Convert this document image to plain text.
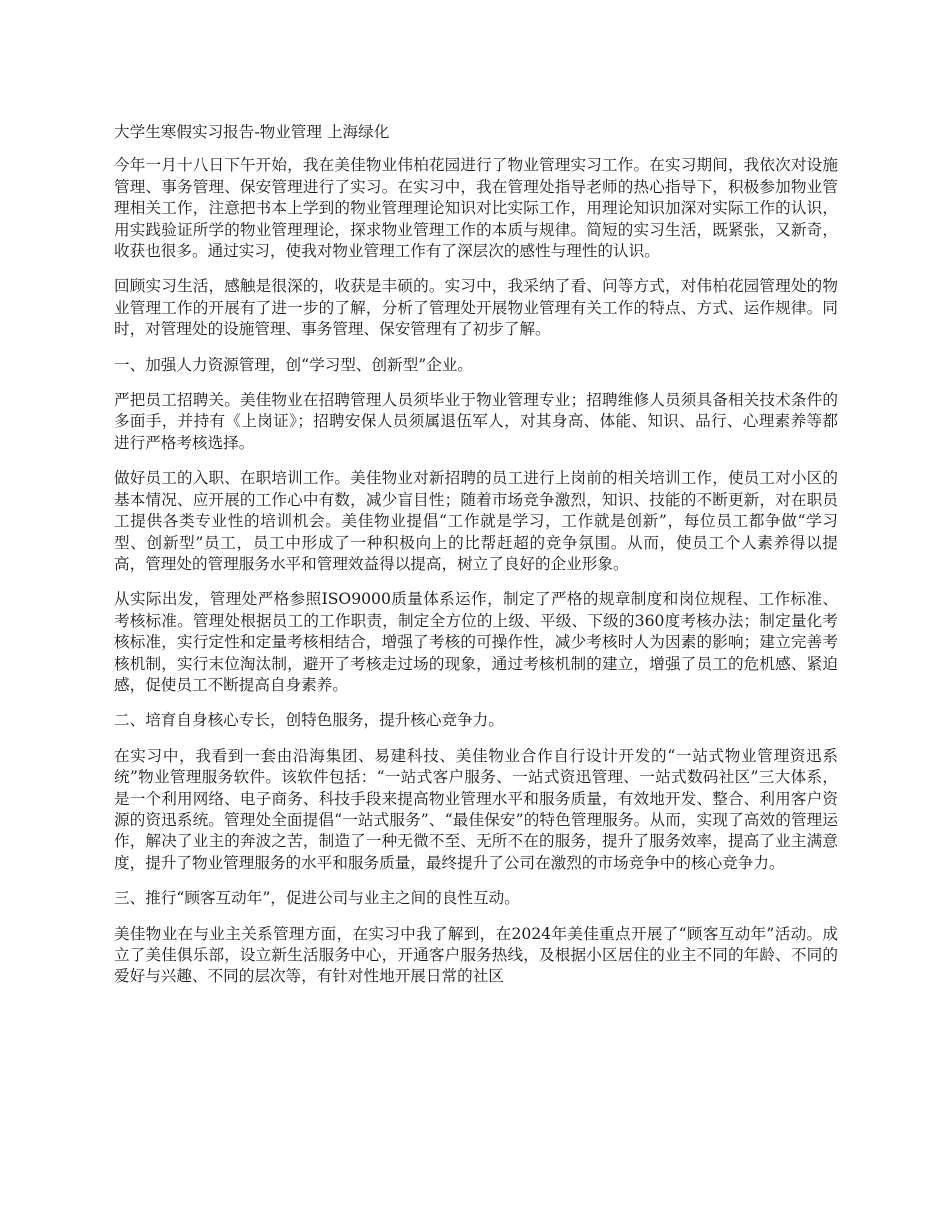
大学生寒假实习报告-物业管理 上海绿化

今年一月十八日下午开始，我在美佳物业伟柏花园进行了物业管理实习工作。在实习期间，我依次对设施管理、事务管理、保安管理进行了实习。在实习中，我在管理处指导老师的热心指导下，积极参加物业管理相关工作，注意把书本上学到的物业管理理论知识对比实际工作，用理论知识加深对实际工作的认识，用实践验证所学的物业管理理论，探求物业管理工作的本质与规律。简短的实习生活，既紧张，又新奇，收获也很多。通过实习，使我对物业管理工作有了深层次的感性与理性的认识。

回顾实习生活，感触是很深的，收获是丰硕的。实习中，我采纳了看、问等方式，对伟柏花园管理处的物业管理工作的开展有了进一步的了解，分析了管理处开展物业管理有关工作的特点、方式、运作规律。同时，对管理处的设施管理、事务管理、保安管理有了初步了解。

一、加强人力资源管理，创“学习型、创新型”企业。

严把员工招聘关。美佳物业在招聘管理人员须毕业于物业管理专业；招聘维修人员须具备相关技术条件的多面手，并持有《上岗证》；招聘安保人员须属退伍军人，对其身高、体能、知识、品行、心理素养等都进行严格考核选择。

做好员工的入职、在职培训工作。美佳物业对新招聘的员工进行上岗前的相关培训工作，使员工对小区的基本情况、应开展的工作心中有数，减少盲目性；随着市场竞争激烈，知识、技能的不断更新，对在职员工提供各类专业性的培训机会。美佳物业提倡“工作就是学习，工作就是创新”，每位员工都争做“学习型、创新型”员工，员工中形成了一种积极向上的比帮赶超的竞争氛围。从而，使员工个人素养得以提高，管理处的管理服务水平和管理效益得以提高，树立了良好的企业形象。

从实际出发，管理处严格参照ISO9000质量体系运作，制定了严格的规章制度和岗位规程、工作标准、考核标准。管理处根据员工的工作职责，制定全方位的上级、平级、下级的360度考核办法；制定量化考核标准，实行定性和定量考核相结合，增强了考核的可操作性，减少考核时人为因素的影响；建立完善考核机制，实行末位淘汰制，避开了考核走过场的现象，通过考核机制的建立，增强了员工的危机感、紧迫感，促使员工不断提高自身素养。

二、培育自身核心专长，创特色服务，提升核心竞争力。

在实习中，我看到一套由沿海集团、易建科技、美佳物业合作自行设计开发的“一站式物业管理资迅系统”物业管理服务软件。该软件包括：“一站式客户服务、一站式资迅管理、一站式数码社区”三大体系，是一个利用网络、电子商务、科技手段来提高物业管理水平和服务质量，有效地开发、整合、利用客户资源的资迅系统。管理处全面提倡“一站式服务”、“最佳保安”的特色管理服务。从而，实现了高效的管理运作，解决了业主的奔波之苦，制造了一种无微不至、无所不在的服务，提升了服务效率，提高了业主满意度，提升了物业管理服务的水平和服务质量，最终提升了公司在激烈的市场竞争中的核心竞争力。

三、推行“顾客互动年”，促进公司与业主之间的良性互动。

美佳物业在与业主关系管理方面，在实习中我了解到，在2024年美佳重点开展了“顾客互动年”活动。成立了美佳俱乐部，设立新生活服务中心，开通客户服务热线，及根据小区居住的业主不同的年龄、不同的爱好与兴趣、不同的层次等，有针对性地开展日常的社区
